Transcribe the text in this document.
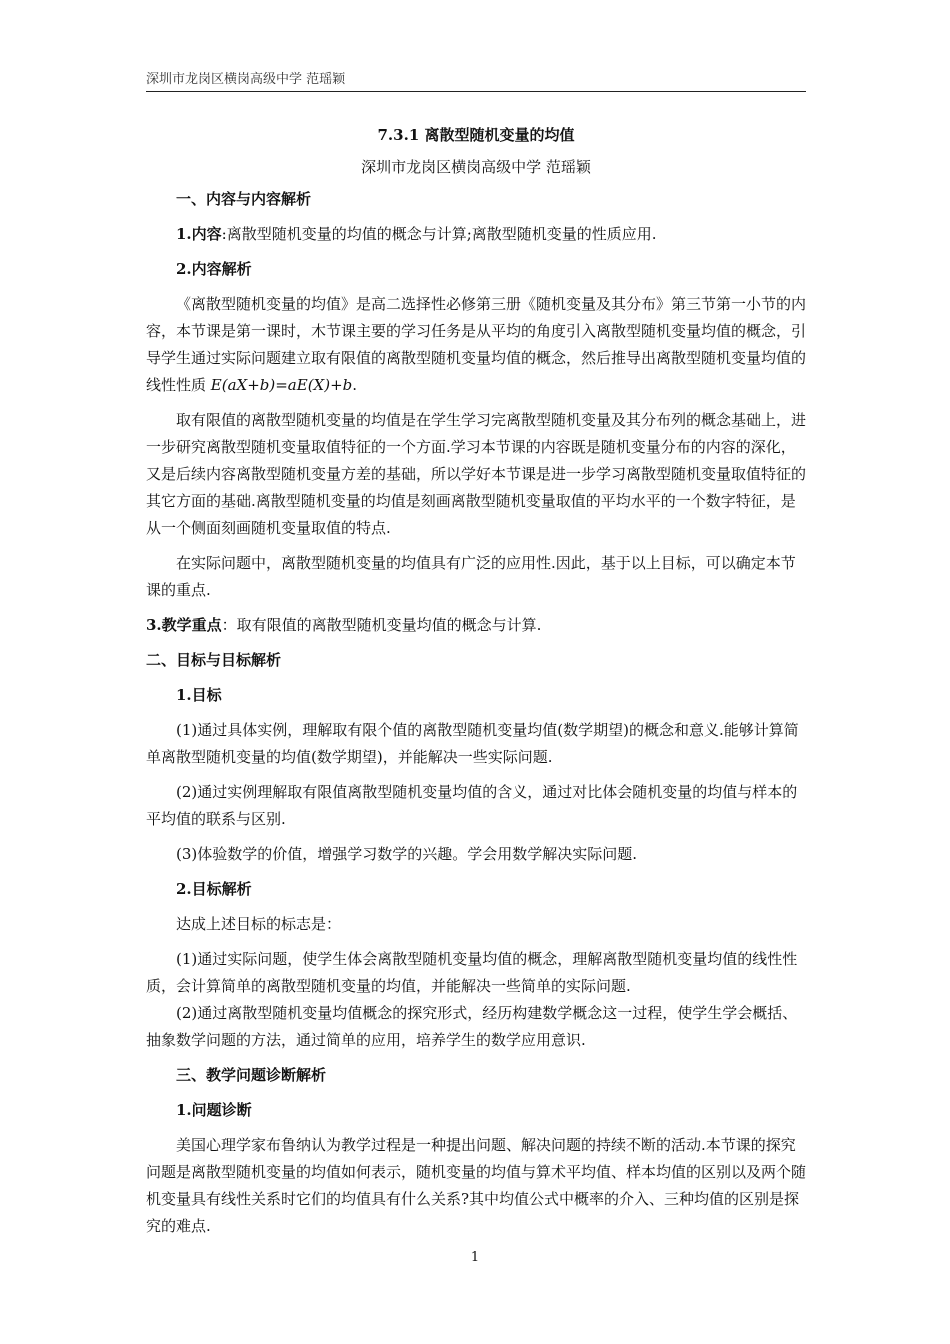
深圳市龙岗区横岗高级中学 范瑶颖

7.3.1 离散型随机变量的均值

深圳市龙岗区横岗高级中学 范瑶颖

一、内容与内容解析

1.内容:离散型随机变量的均值的概念与计算;离散型随机变量的性质应用.

2.内容解析

《离散型随机变量的均值》是高二选择性必修第三册《随机变量及其分布》第三节第一小节的内容，本节课是第一课时，木节课主要的学习任务是从平均的角度引入离散型随机变量均值的概念，引导学生通过实际问题建立取有限值的离散型随机变量均值的概念，然后推导出离散型随机变量均值的线性性质 E(aX+b)=aE(X)+b.

取有限值的离散型随机变量的均值是在学生学习完离散型随机变量及其分布列的概念基础上，进一步研究离散型随机变量取值特征的一个方面.学习本节课的内容既是随机变量分布的内容的深化，又是后续内容离散型随机变量方差的基础，所以学好本节课是进一步学习离散型随机变量取值特征的其它方面的基础.离散型随机变量的均值是刻画离散型随机变量取值的平均水平的一个数字特征，是从一个侧面刻画随机变量取值的特点.

在实际问题中，离散型随机变量的均值具有广泛的应用性.因此，基于以上目标，可以确定本节课的重点.

3.教学重点：取有限值的离散型随机变量均值的概念与计算.

二、目标与目标解析

1.目标

(1)通过具体实例，理解取有限个值的离散型随机变量均值(数学期望)的概念和意义.能够计算简单离散型随机变量的均值(数学期望)，并能解决一些实际问题.

(2)通过实例理解取有限值离散型随机变量均值的含义，通过对比体会随机变量的均值与样本的平均值的联系与区别.

(3)体验数学的价值，增强学习数学的兴趣。学会用数学解决实际问题.

2.目标解析

达成上述目标的标志是：

(1)通过实际问题，使学生体会离散型随机变量均值的概念，理解离散型随机变量均值的线性性质，会计算简单的离散型随机变量的均值，并能解决一些简单的实际问题.

(2)通过离散型随机变量均值概念的探究形式，经历构建数学概念这一过程，使学生学会概括、抽象数学问题的方法，通过简单的应用，培养学生的数学应用意识.

三、教学问题诊断解析

1.问题诊断

美国心理学家布鲁纳认为教学过程是一种提出问题、解决问题的持续不断的活动.本节课的探究问题是离散型随机变量的均值如何表示，随机变量的均值与算术平均值、样本均值的区别以及两个随机变量具有线性关系时它们的均值具有什么关系?其中均值公式中概率的介入、三种均值的区别是探究的难点.

1
